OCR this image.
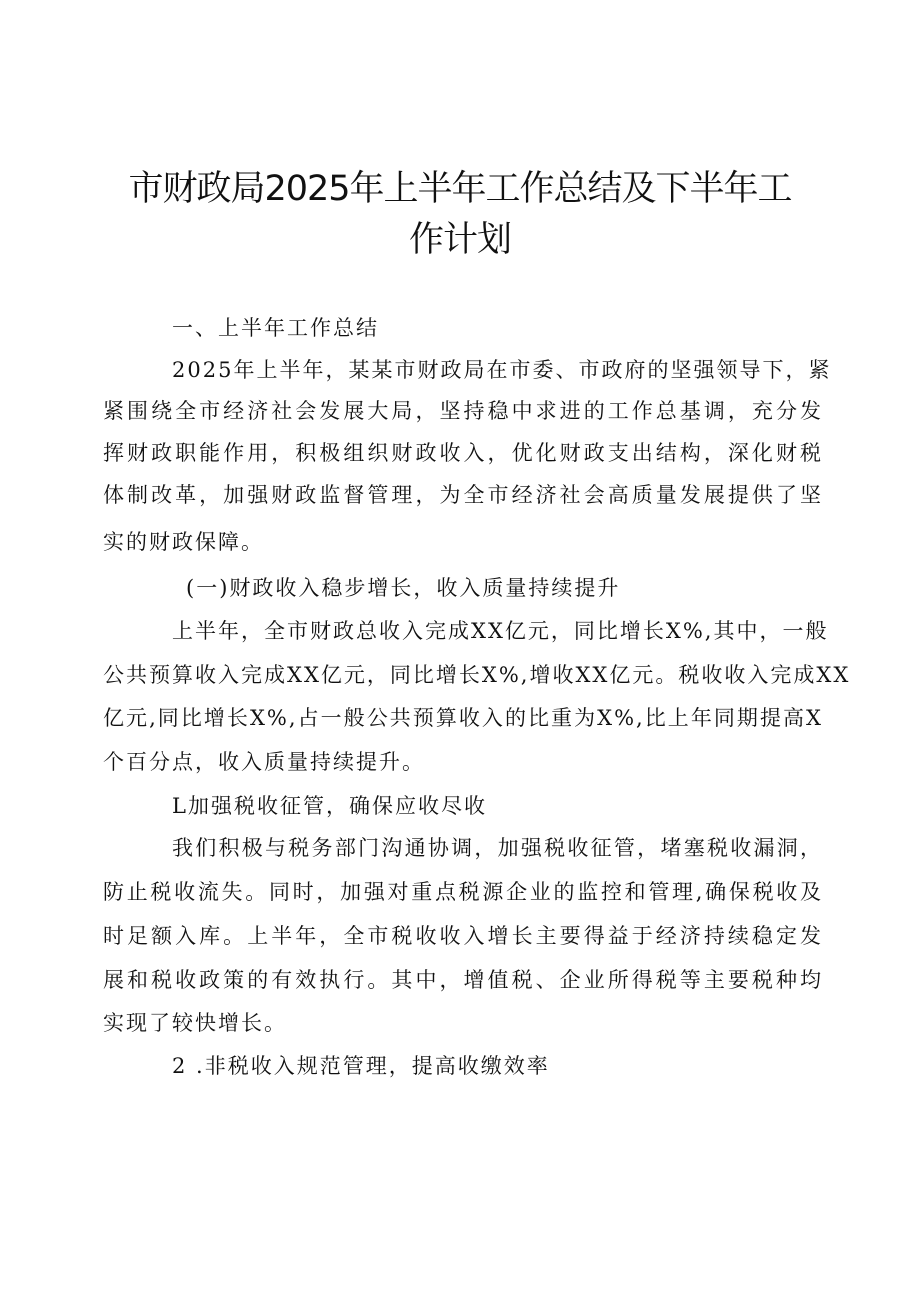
市财政局2025年上半年工作总结及下半年工
作计划
一、上半年工作总结
2025年上半年，某某市财政局在市委、市政府的坚强领导下，紧
紧围绕全市经济社会发展大局，坚持稳中求进的工作总基调，充分发
挥财政职能作用，积极组织财政收入，优化财政支出结构，深化财税
体制改革，加强财政监督管理，为全市经济社会高质量发展提供了坚
实的财政保障。
(一)财政收入稳步增长，收入质量持续提升
上半年，全市财政总收入完成XX亿元，同比增长X%,其中，一般
公共预算收入完成XX亿元，同比增长X%,增收XX亿元。税收收入完成XX
亿元,同比增长X%,占一般公共预算收入的比重为X%,比上年同期提高X
个百分点，收入质量持续提升。
L加强税收征管，确保应收尽收
我们积极与税务部门沟通协调，加强税收征管，堵塞税收漏洞，
防止税收流失。同时，加强对重点税源企业的监控和管理,确保税收及
时足额入库。上半年，全市税收收入增长主要得益于经济持续稳定发
展和税收政策的有效执行。其中，增值税、企业所得税等主要税种均
实现了较快增长。
2 .非税收入规范管理，提高收缴效率
